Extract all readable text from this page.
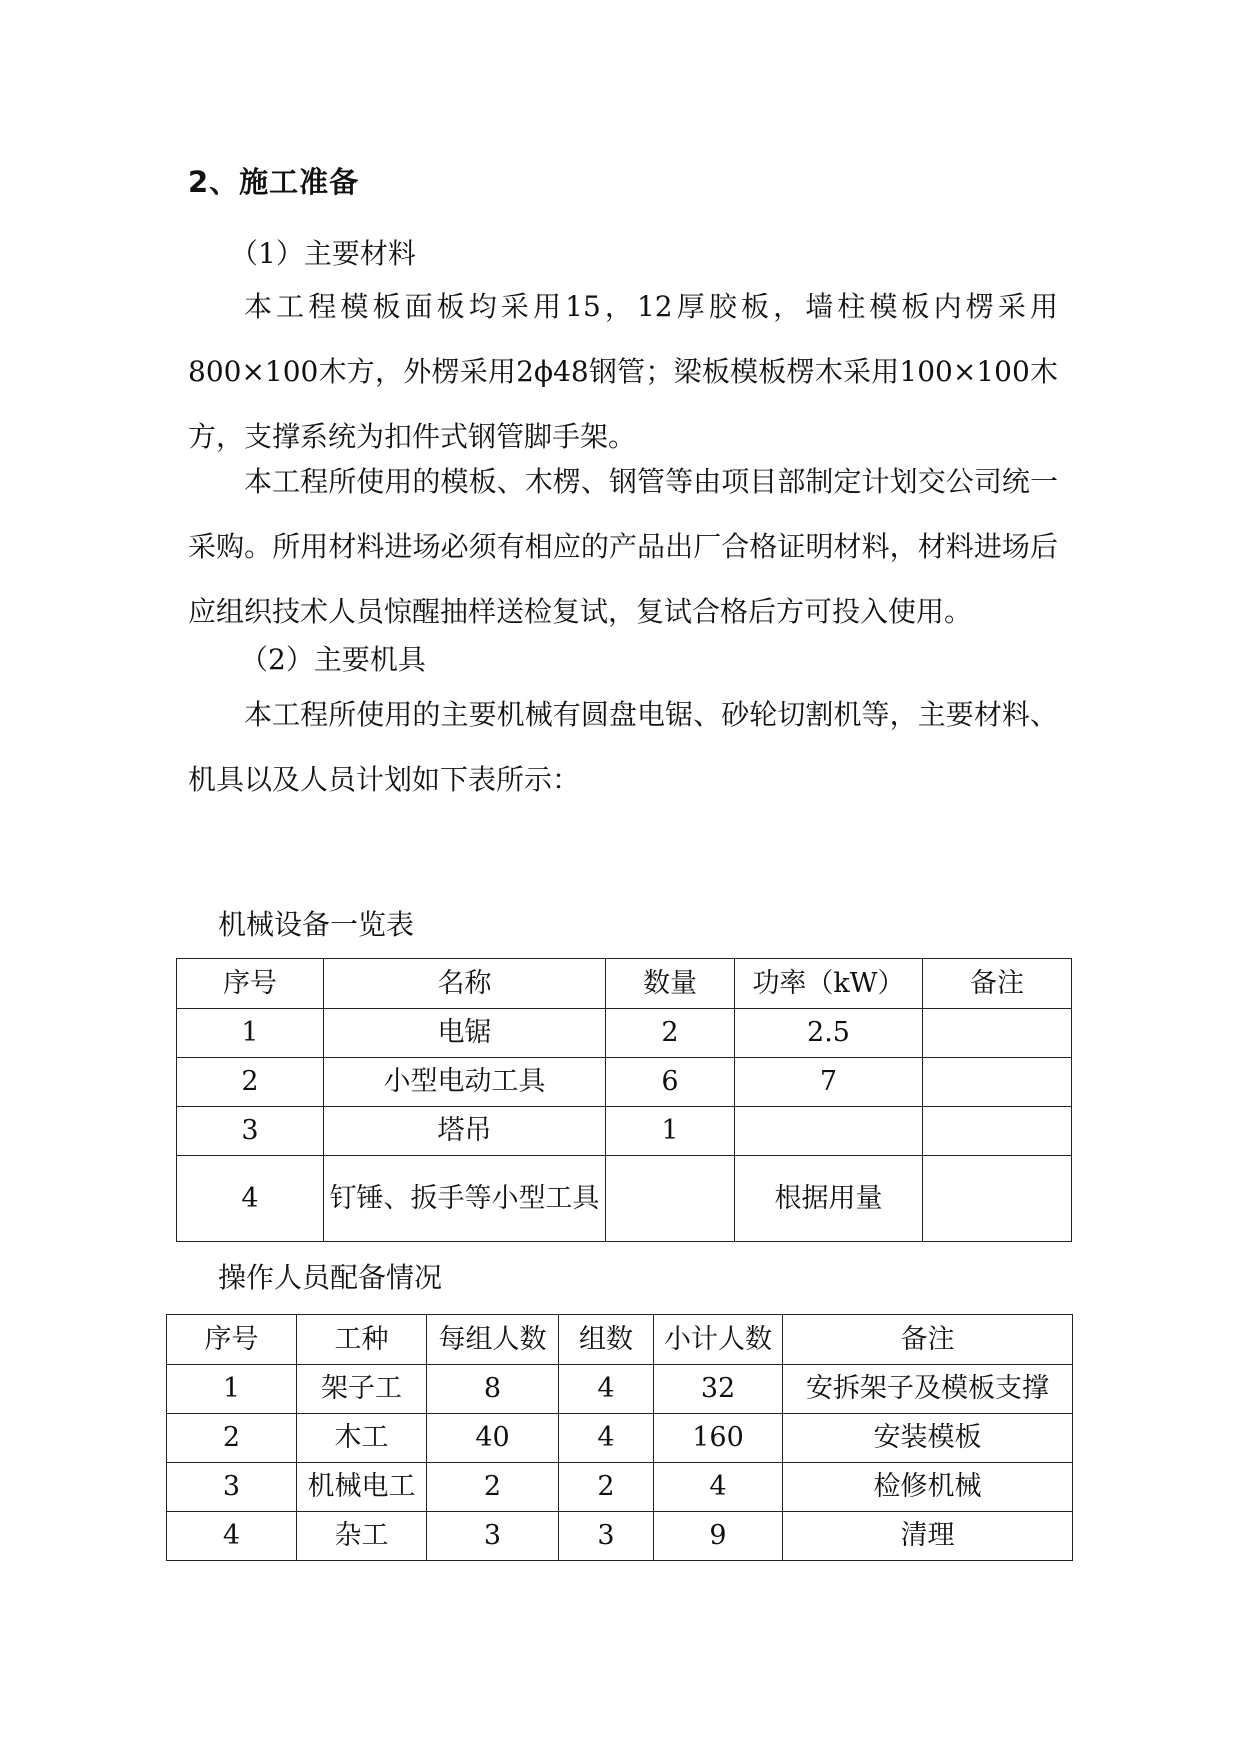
2、施工准备
（1）主要材料
本工程模板面板均采用15，12厚胶板，墙柱模板内楞采用800×100木方，外楞采用2ϕ48钢管；梁板模板楞木采用100×100木方，支撑系统为扣件式钢管脚手架。
本工程所使用的模板、木楞、钢管等由项目部制定计划交公司统一采购。所用材料进场必须有相应的产品出厂合格证明材料，材料进场后应组织技术人员惊醒抽样送检复试，复试合格后方可投入使用。
（2）主要机具
本工程所使用的主要机械有圆盘电锯、砂轮切割机等，主要材料、机具以及人员计划如下表所示：
机械设备一览表
序号	名称	数量	功率（kW）	备注
1	电锯	2	2.5	
2	小型电动工具	6	7	
3	塔吊	1		
4	钉锤、扳手等小型工具		根据用量	
操作人员配备情况
序号	工种	每组人数	组数	小计人数	备注
1	架子工	8	4	32	安拆架子及模板支撑
2	木工	40	4	160	安装模板
3	机械电工	2	2	4	检修机械
4	杂工	3	3	9	清理
